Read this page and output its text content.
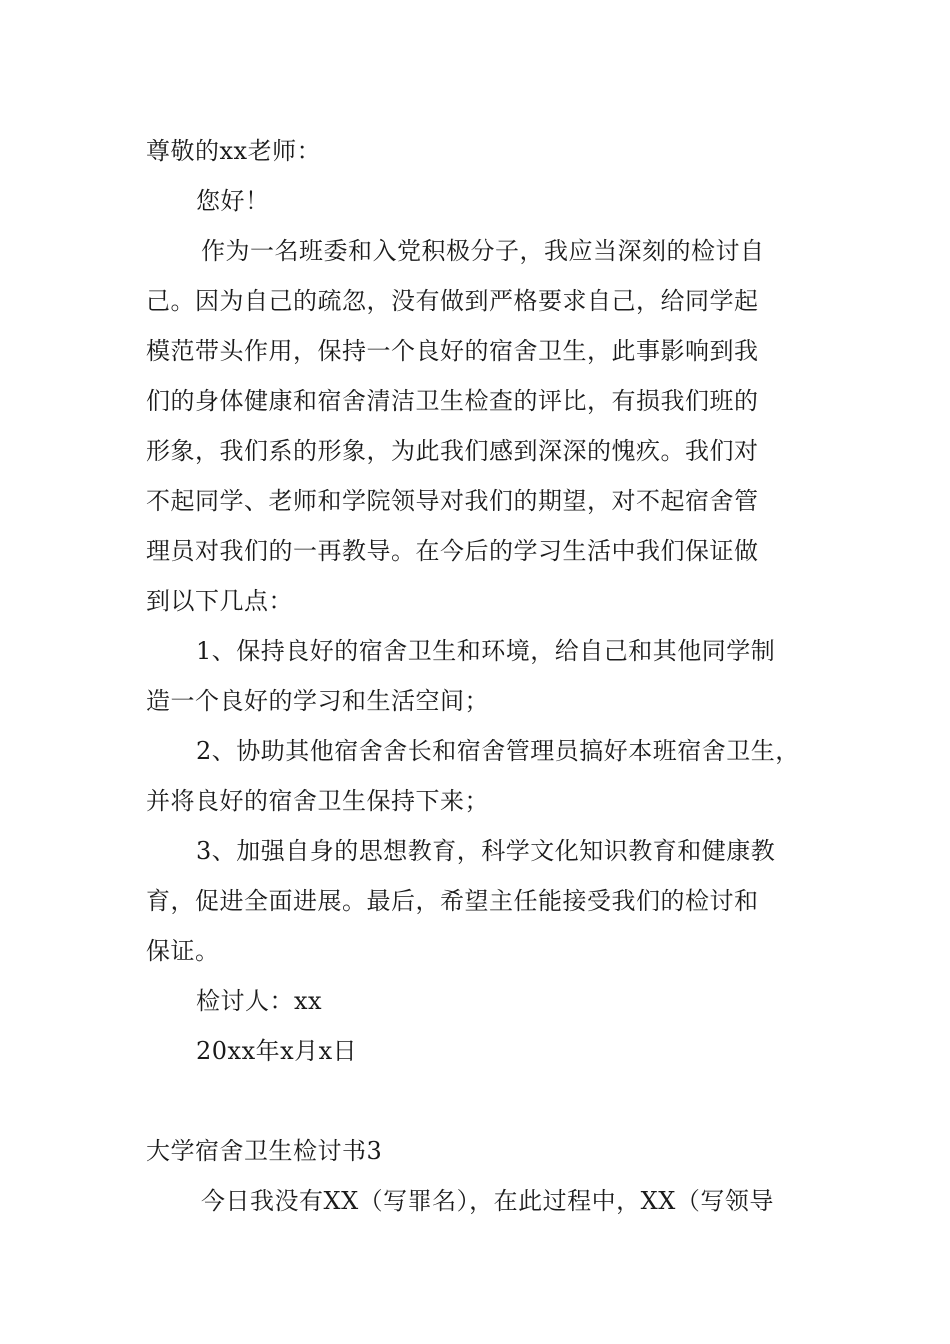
尊敬的xx老师：
您好！
作为一名班委和入党积极分子，我应当深刻的检讨自
己。因为自己的疏忽，没有做到严格要求自己，给同学起
模范带头作用，保持一个良好的宿舍卫生，此事影响到我
们的身体健康和宿舍清洁卫生检查的评比，有损我们班的
形象，我们系的形象，为此我们感到深深的愧疚。我们对
不起同学、老师和学院领导对我们的期望，对不起宿舍管
理员对我们的一再教导。在今后的学习生活中我们保证做
到以下几点：
1、保持良好的宿舍卫生和环境，给自己和其他同学制
造一个良好的学习和生活空间；
2、协助其他宿舍舍长和宿舍管理员搞好本班宿舍卫生，
并将良好的宿舍卫生保持下来；
3、加强自身的思想教育，科学文化知识教育和健康教
育，促进全面进展。最后，希望主任能接受我们的检讨和
保证。
检讨人：xx
20xx年x月x日
大学宿舍卫生检讨书3
今日我没有XX（写罪名），在此过程中，XX（写领导
